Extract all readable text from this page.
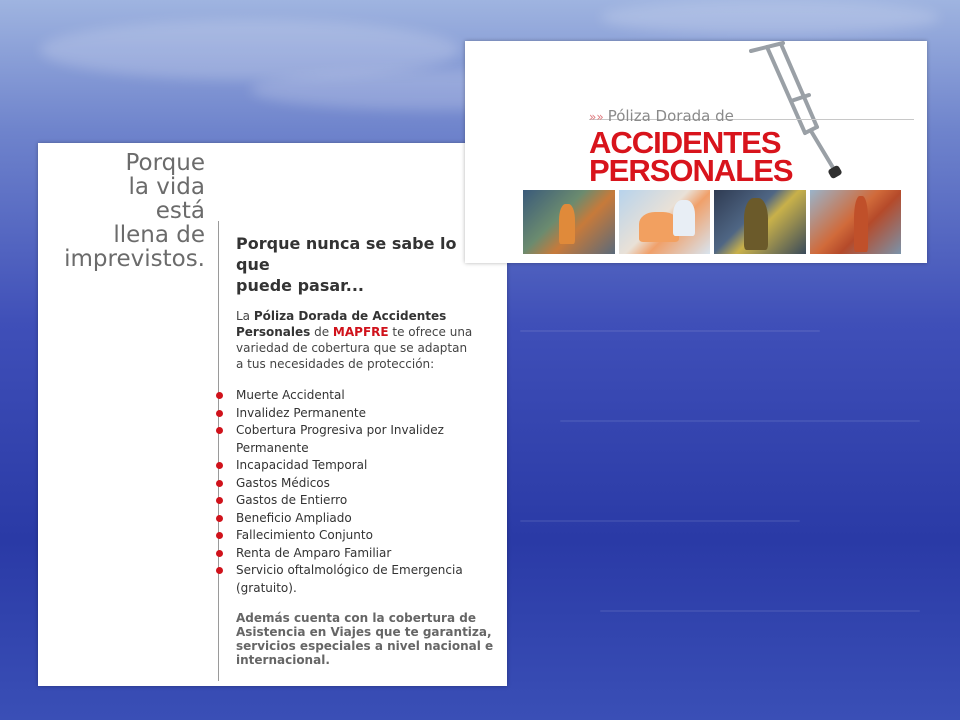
Porque
la vida
está
llena de
imprevistos.
Porque nunca se sabe lo que
puede pasar...
La Póliza Dorada de Accidentes
Personales de MAPFRE te ofrece una
variedad de cobertura que se adaptan
a tus necesidades de protección:
Muerte Accidental
Invalidez Permanente
Cobertura Progresiva por Invalidez Permanente
Incapacidad Temporal
Gastos Médicos
Gastos de Entierro
Beneficio Ampliado
Fallecimiento Conjunto
Renta de Amparo Familiar
Servicio oftalmológico de Emergencia (gratuito).
Además cuenta con la cobertura de Asistencia en Viajes que te garantiza, servicios especiales a nivel nacional e internacional.
»» Póliza Dorada de
ACCIDENTES
PERSONALES
